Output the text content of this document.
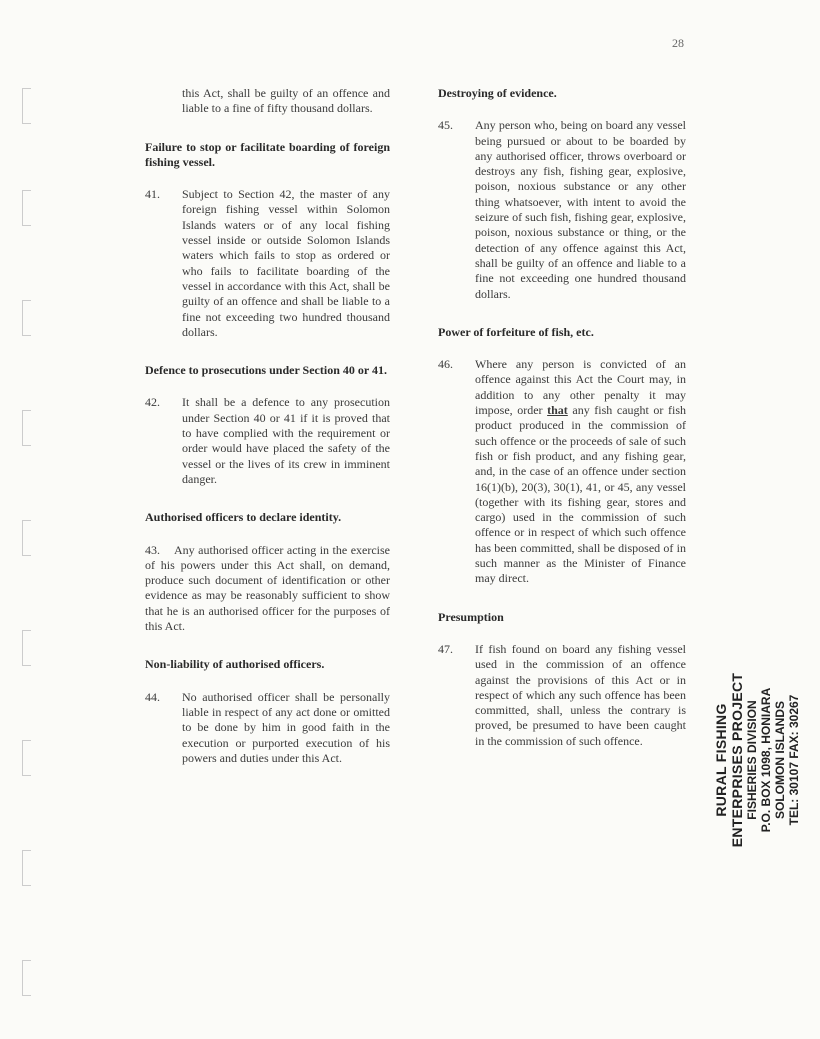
28

this Act, shall be guilty of an offence and liable to a fine of fifty thousand dollars.

Failure to stop or facilitate boarding of foreign fishing vessel.

41.	Subject to Section 42, the master of any foreign fishing vessel within Solomon Islands waters or of any local fishing vessel inside or outside Solomon Islands waters which fails to stop as ordered or who fails to facilitate boarding of the vessel in accordance with this Act, shall be guilty of an offence and shall be liable to a fine not exceeding two hundred thousand dollars.

Defence to prosecutions under Section 40 or 41.

42.	It shall be a defence to any prosecution under Section 40 or 41 if it is proved that to have complied with the requirement or order would have placed the safety of the vessel or the lives of its crew in imminent danger.

Authorised officers to declare identity.

43. Any authorised officer acting in the exercise of his powers under this Act shall, on demand, produce such document of identification or other evidence as may be reasonably sufficient to show that he is an authorised officer for the purposes of this Act.

Non-liability of authorised officers.

44.	No authorised officer shall be personally liable in respect of any act done or omitted to be done by him in good faith in the execution or purported execution of his powers and duties under this Act.

Destroying of evidence.

45.	Any person who, being on board any vessel being pursued or about to be boarded by any authorised officer, throws overboard or destroys any fish, fishing gear, explosive, poison, noxious substance or any other thing whatsoever, with intent to avoid the seizure of such fish, fishing gear, explosive, poison, noxious substance or thing, or the detection of any offence against this Act, shall be guilty of an offence and liable to a fine not exceeding one hundred thousand dollars.

Power of forfeiture of fish, etc.

46.	Where any person is convicted of an offence against this Act the Court may, in addition to any other penalty it may impose, order that any fish caught or fish product produced in the commission of such offence or the proceeds of sale of such fish or fish product, and any fishing gear, and, in the case of an offence under section 16(1)(b), 20(3), 30(1), 41, or 45, any vessel (together with its fishing gear, stores and cargo) used in the commission of such offence or in respect of which such offence has been committed, shall be disposed of in such manner as the Minister of Finance may direct.

Presumption

47.	If fish found on board any fishing vessel used in the commission of an offence against the provisions of this Act or in respect of which any such offence has been committed, shall, unless the contrary is proved, be presumed to have been caught in the commission of such offence.	RURAL FISHING ENTERPRISES PROJECT FISHERIES DIVISION P.O. BOX 1098, HONIARA SOLOMON ISLANDS TEL: 30107 FAX: 30267
